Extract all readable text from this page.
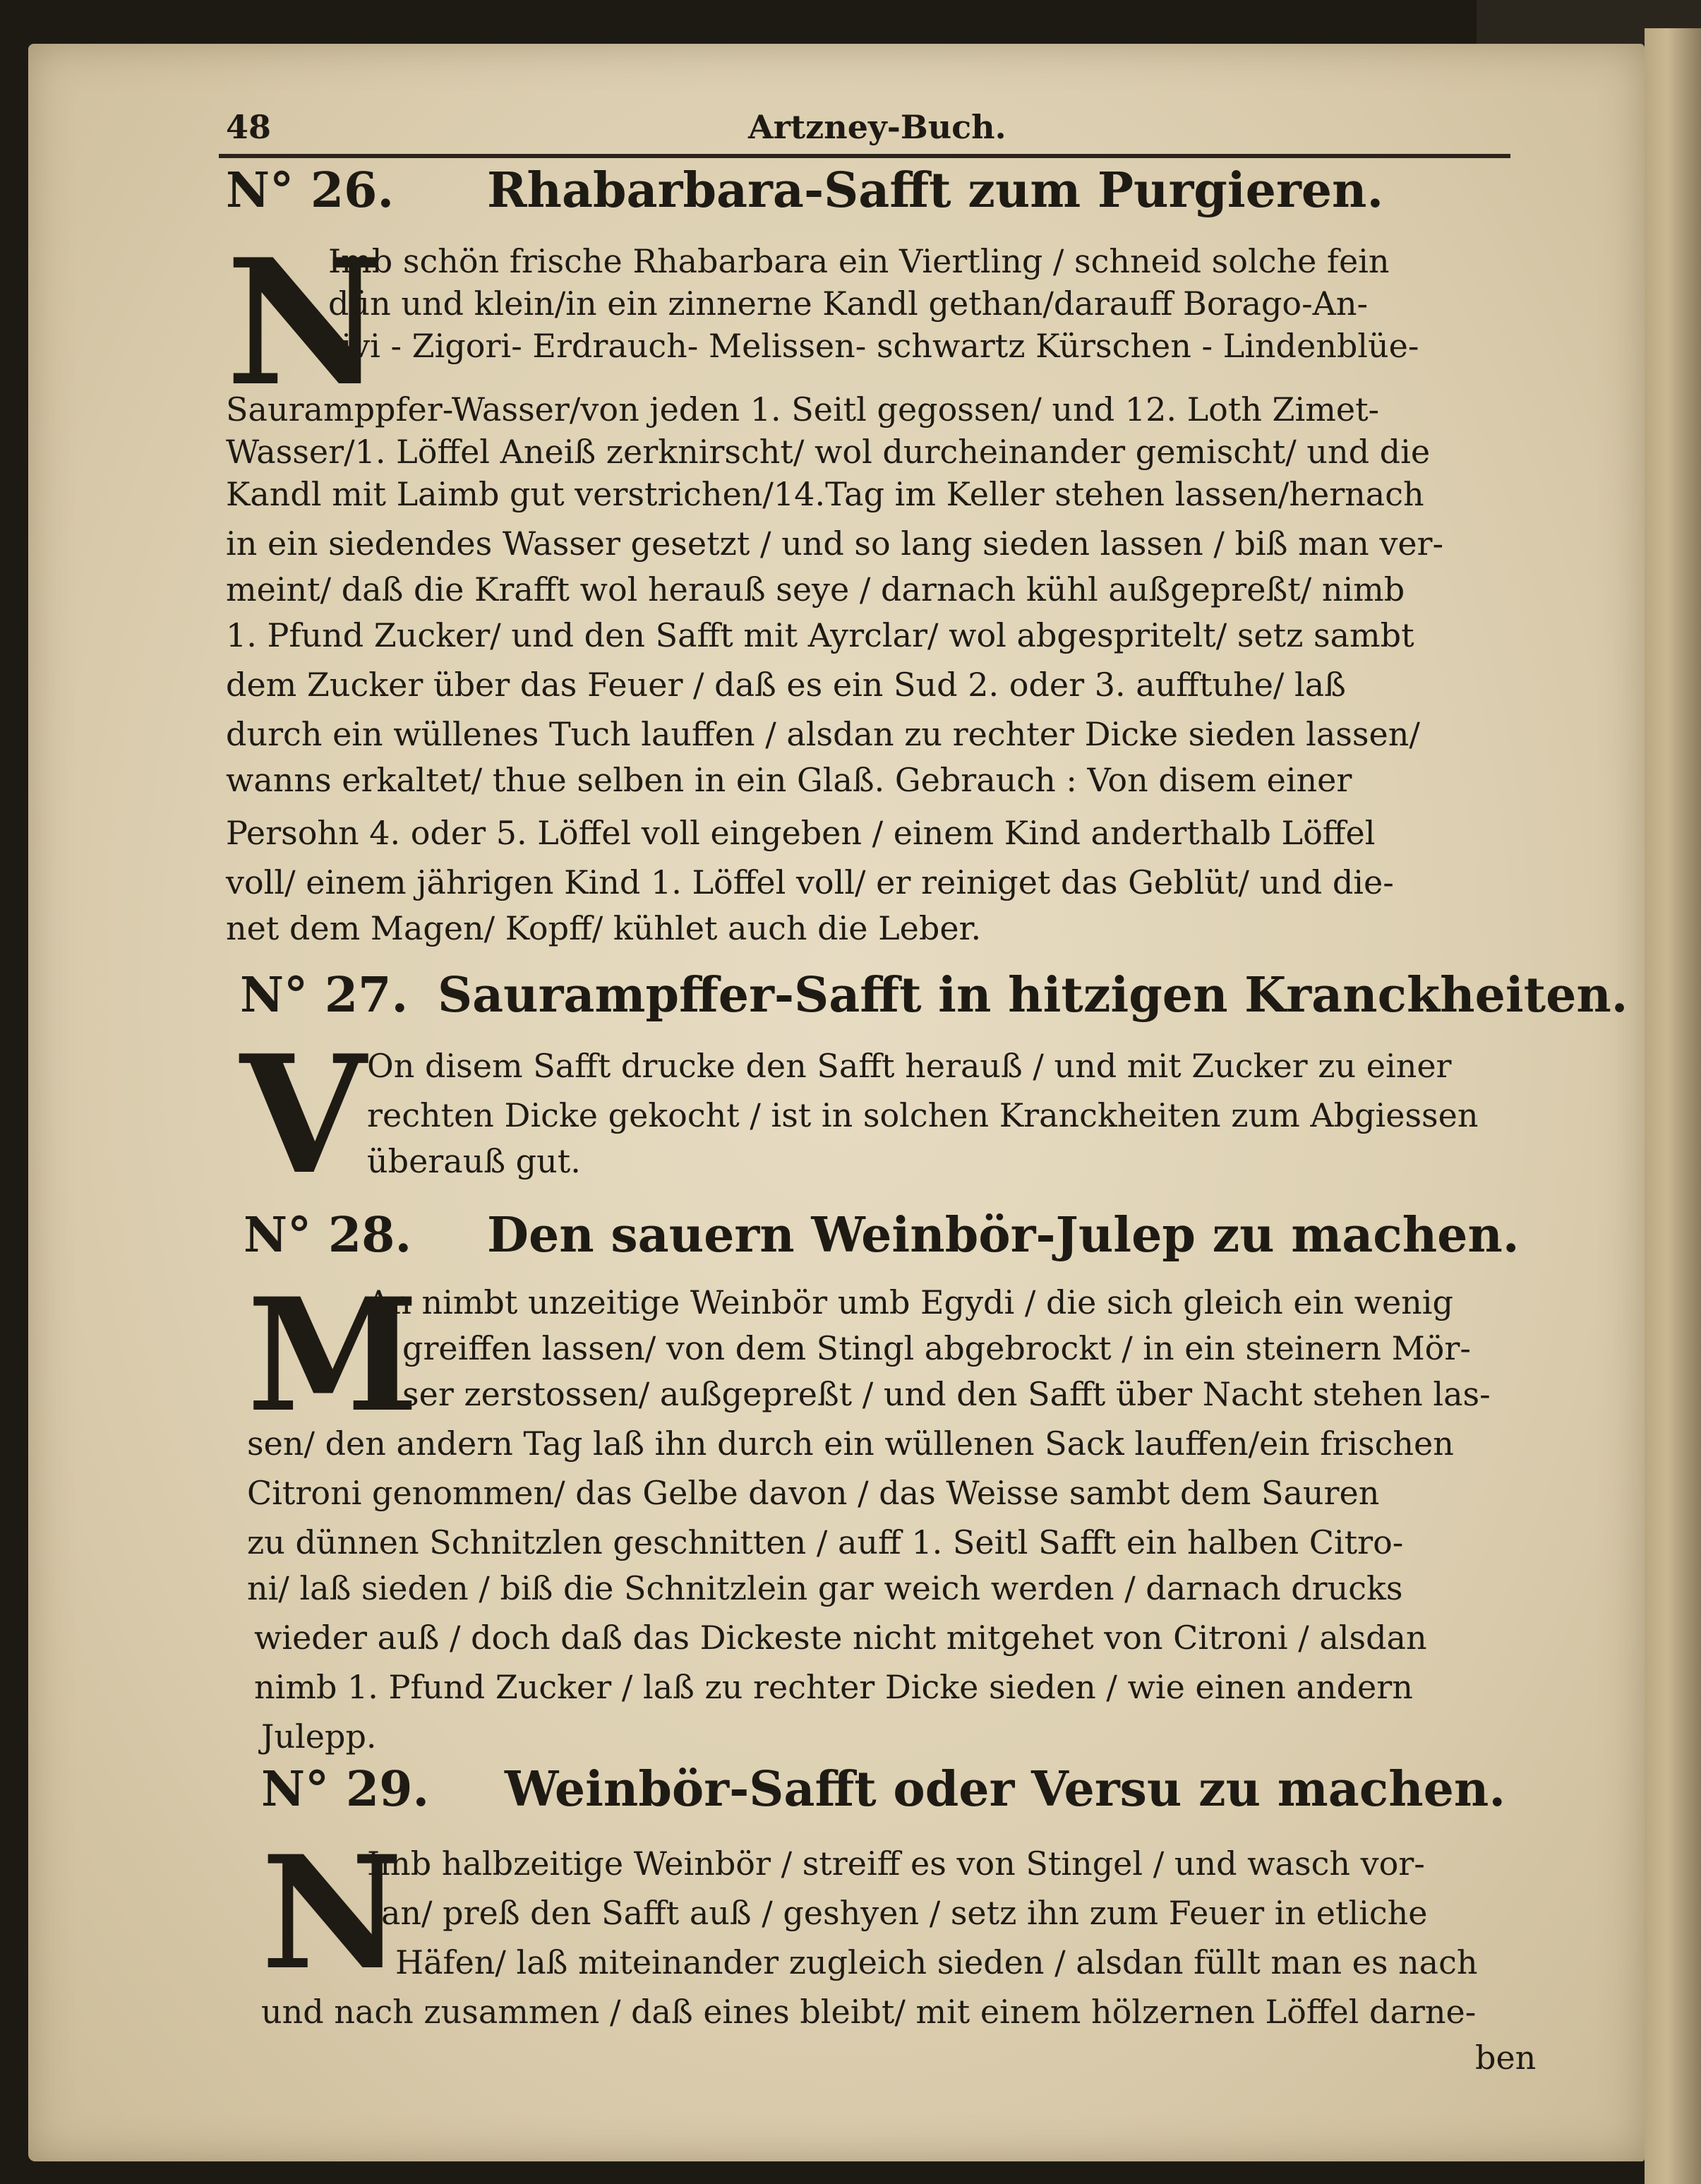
48	Artzney-Buch.
N° 26. Rhabarbara-Safft zum Purgieren.
N
Imb schön frische Rhabarbara ein Viertling / schneid solche fein
dün und klein/in ein zinnerne Kandl gethan/darauff Borago-An-
tivi - Zigori- Erdrauch- Melissen- schwartz Kürschen - Lindenblüe-
Sauramppfer-Wasser/von jeden 1. Seitl gegossen/ und 12. Loth Zimet-
Wasser/1. Löffel Aneiß zerknirscht/ wol durcheinander gemischt/ und die
Kandl mit Laimb gut verstrichen/14.Tag im Keller stehen lassen/hernach
in ein siedendes Wasser gesetzt / und so lang sieden lassen / biß man ver-
meint/ daß die Krafft wol herauß seye / darnach kühl außgepreßt/ nimb
1. Pfund Zucker/ und den Safft mit Ayrclar/ wol abgespritelt/ setz sambt
dem Zucker über das Feuer / daß es ein Sud 2. oder 3. aufftuhe/ laß
durch ein wüllenes Tuch lauffen / alsdan zu rechter Dicke sieden lassen/
wanns erkaltet/ thue selben in ein Glaß. Gebrauch : Von disem einer
Persohn 4. oder 5. Löffel voll eingeben / einem Kind anderthalb Löffel
voll/ einem jährigen Kind 1. Löffel voll/ er reiniget das Geblüt/ und die-
net dem Magen/ Kopff/ kühlet auch die Leber.
N° 27. Saurampffer-Safft in hitzigen Kranckheiten.
V On disem Safft drucke den Safft herauß / und mit Zucker zu einer
rechten Dicke gekocht / ist in solchen Kranckheiten zum Abgiessen
überauß gut.
N° 28. Den sauern Weinbör-Julep zu machen.
M
An nimbt unzeitige Weinbör umb Egydi / die sich gleich ein wenig
greiffen lassen/ von dem Stingl abgebrockt / in ein steinern Mör-
ser zerstossen/ außgepreßt / und den Safft über Nacht stehen las-
sen/ den andern Tag laß ihn durch ein wüllenen Sack lauffen/ein frischen
Citroni genommen/ das Gelbe davon / das Weisse sambt dem Sauren
zu dünnen Schnitzlen geschnitten / auff 1. Seitl Safft ein halben Citro-
ni/ laß sieden / biß die Schnitzlein gar weich werden / darnach drucks
wieder auß / doch daß das Dickeste nicht mitgehet von Citroni / alsdan
nimb 1. Pfund Zucker / laß zu rechter Dicke sieden / wie einen andern
Julepp.
N° 29. Weinbör-Safft oder Versu zu machen.
N
Imb halbzeitige Weinbör / streiff es von Stingel / und wasch vor-
an/ preß den Safft auß / geshyen / setz ihn zum Feuer in etliche
Häfen/ laß miteinander zugleich sieden / alsdan füllt man es nach
und nach zusammen / daß eines bleibt/ mit einem hölzernen Löffel darne-
ben
